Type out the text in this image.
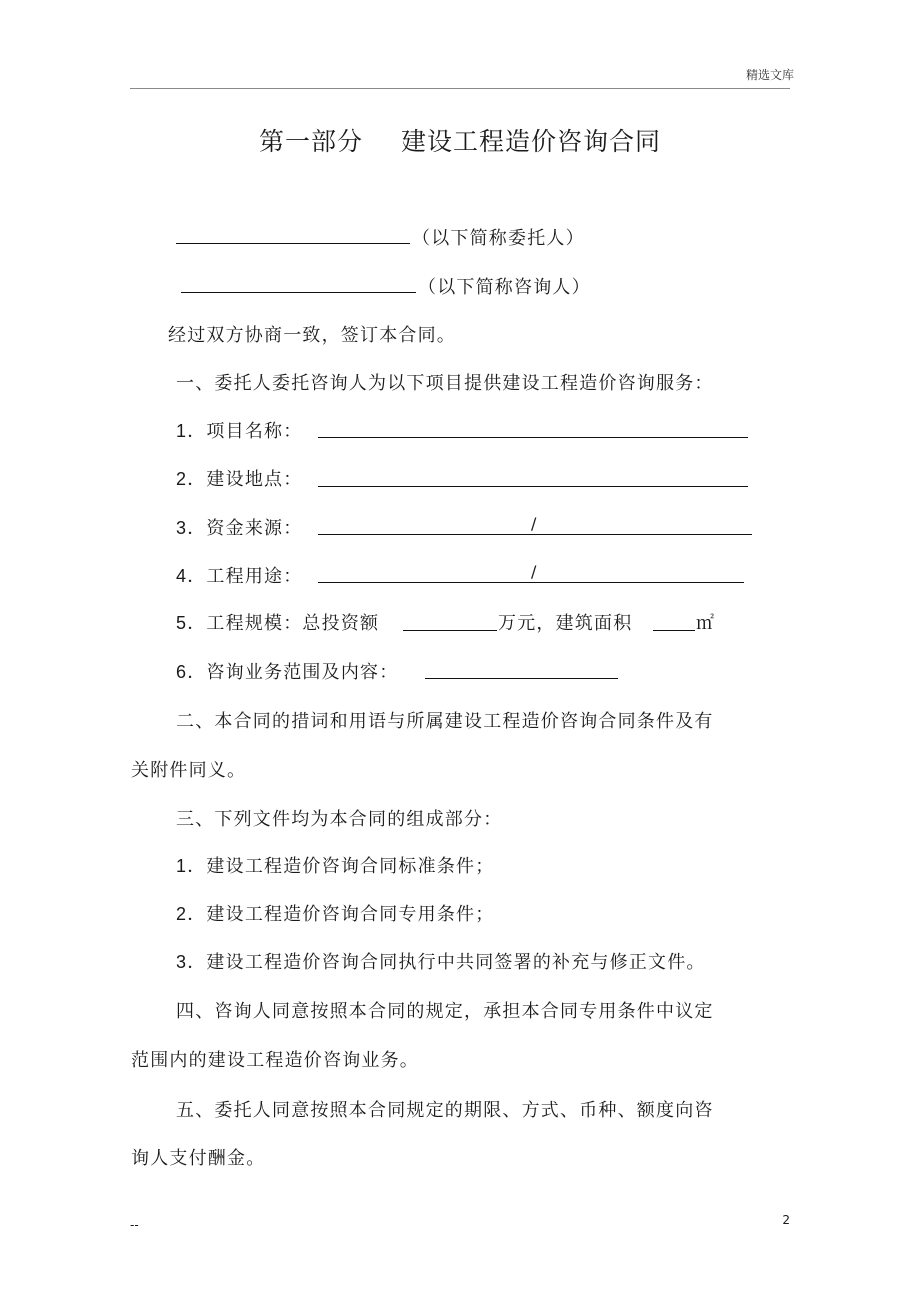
精选文库
第一部分 建设工程造价咨询合同
（以下简称委托人）
（以下简称咨询人）
经过双方协商一致，签订本合同。
一、委托人委托咨询人为以下项目提供建设工程造价咨询服务：
1．项目名称：
2．建设地点：
3．资金来源：	/
4．工程用途：	/
5．工程规模：总投资额	万元，建筑面积	㎡
6．咨询业务范围及内容：
二、本合同的措词和用语与所属建设工程造价咨询合同条件及有
关附件同义。
三、下列文件均为本合同的组成部分：
1．建设工程造价咨询合同标准条件；
2．建设工程造价咨询合同专用条件；
3．建设工程造价咨询合同执行中共同签署的补充与修正文件。
四、咨询人同意按照本合同的规定，承担本合同专用条件中议定
范围内的建设工程造价咨询业务。
五、委托人同意按照本合同规定的期限、方式、币种、额度向咨
询人支付酬金。
--	2
